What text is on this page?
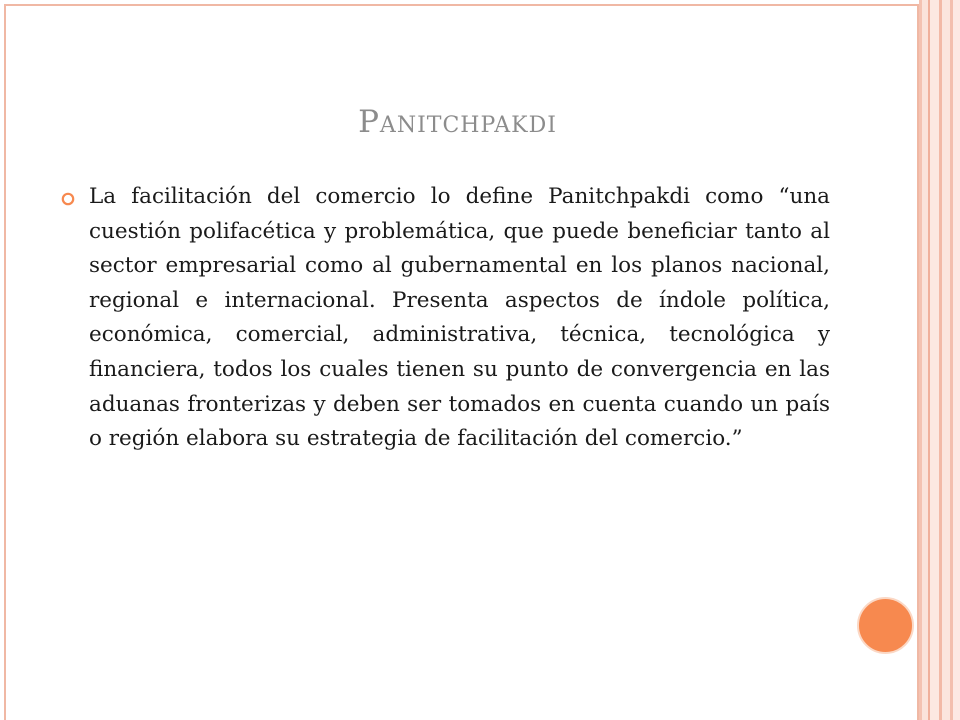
Panitchpakdi

La facilitación del comercio lo define Panitchpakdi como “una cuestión polifacética y problemática, que puede beneficiar tanto al sector empresarial como al gubernamental en los planos nacional, regional e internacional. Presenta aspectos de índole política, económica, comercial, administrativa, técnica, tecnológica y financiera, todos los cuales tienen su punto de convergencia en las aduanas fronterizas y deben ser tomados en cuenta cuando un país o región elabora su estrategia de facilitación del comercio.”
